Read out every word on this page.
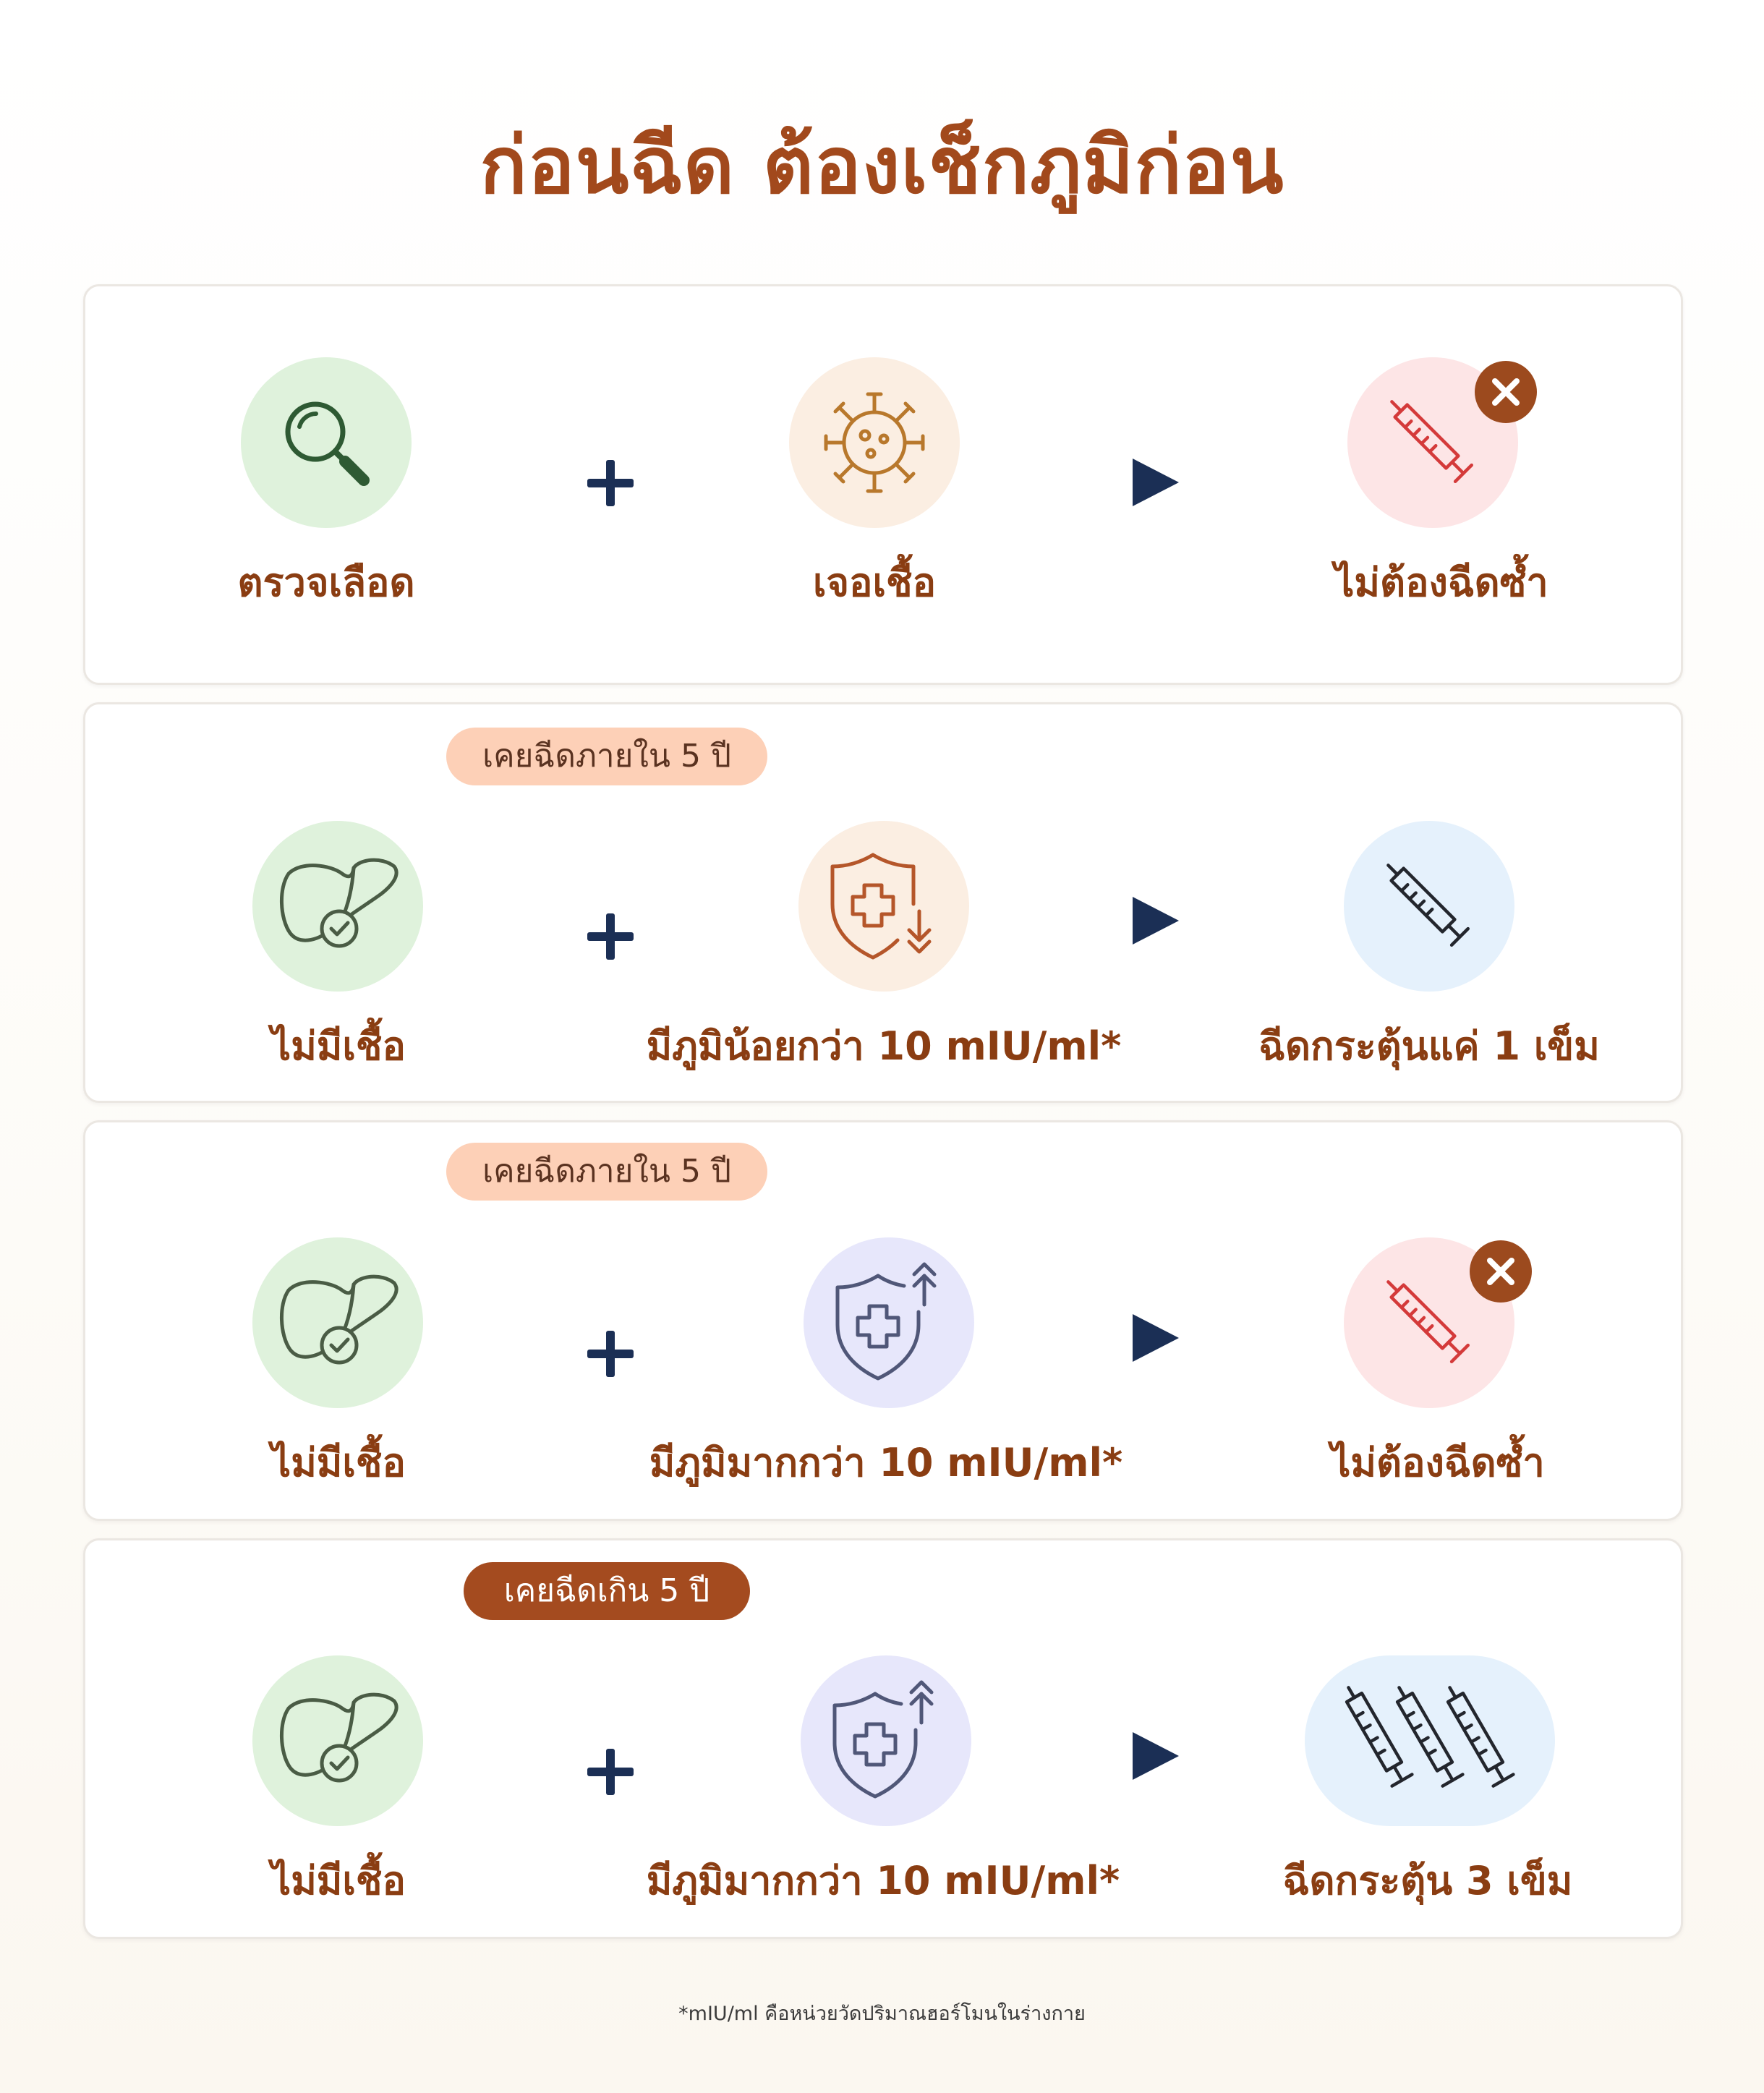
ก่อนฉีด ต้องเช็กภูมิก่อน
ตรวจเลือด	เจอเชื้อ	ไม่ต้องฉีดซ้ำ
เคยฉีดภายใน 5 ปี
ไม่มีเชื้อ	มีภูมิน้อยกว่า 10 mIU/ml*	ฉีดกระตุ้นแค่ 1 เข็ม
เคยฉีดภายใน 5 ปี
ไม่มีเชื้อ	มีภูมิมากกว่า 10 mIU/ml*	ไม่ต้องฉีดซ้ำ
เคยฉีดเกิน 5 ปี
ไม่มีเชื้อ	มีภูมิมากกว่า 10 mIU/ml*	ฉีดกระตุ้น 3 เข็ม
*mIU/ml คือหน่วยวัดปริมาณฮอร์โมนในร่างกาย
